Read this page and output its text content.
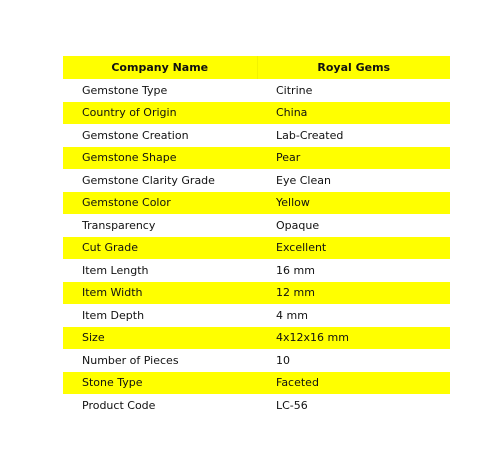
Company Name	Royal Gems
Gemstone Type	Citrine
Country of Origin	China
Gemstone Creation	Lab-Created
Gemstone Shape	Pear
Gemstone Clarity Grade	Eye Clean
Gemstone Color	Yellow
Transparency	Opaque
Cut Grade	Excellent
Item Length	16 mm
Item Width	12 mm
Item Depth	4 mm
Size	4x12x16 mm
Number of Pieces	10
Stone Type	Faceted
Product Code	LC-56
